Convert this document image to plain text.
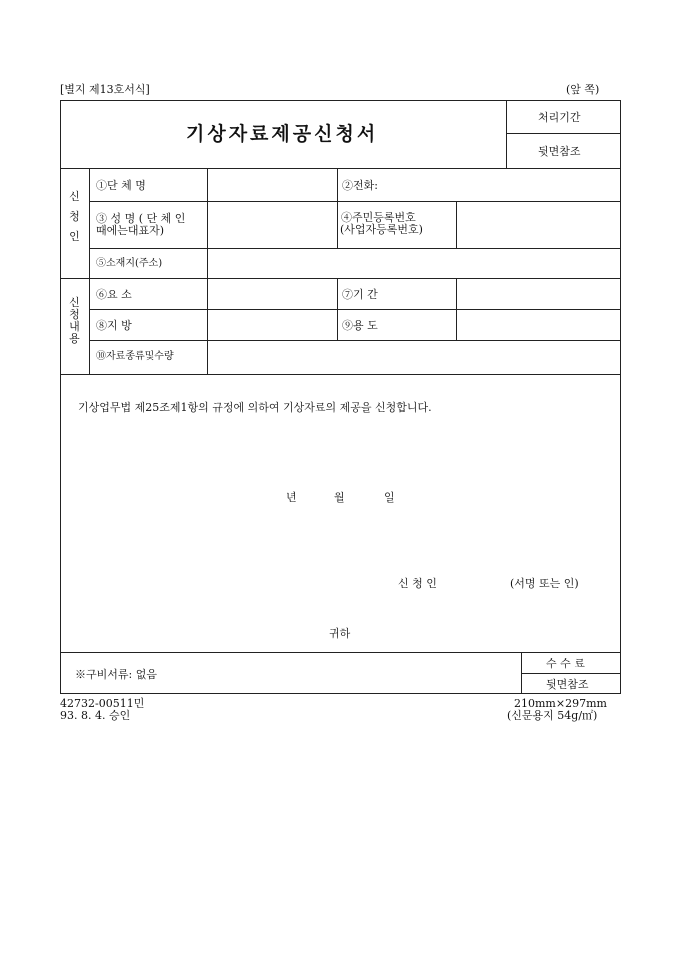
[별지 제13호서식]	(앞 쪽)
기상자료제공신청서
처리기간
뒷면참조
신
청
인
신
청
내
용
①단 체 명	②전화:
③ 성 명 ( 단 체 인
때에는대표자)
④주민등록번호
(사업자등록번호)
⑤소재지(주소)
⑥요 소	⑦기 간
⑧지 방	⑨용 도
⑩자료종류및수량
기상업무법 제25조제1항의 규정에 의하여 기상자료의 제공을 신청합니다.
년	월	일
신 청 인	(서명 또는 인)
귀하
※구비서류: 없음
수 수 료
뒷면참조
42732-00511민
93. 8. 4. 승인
210mm×297mm
(신문용지 54g/㎡)
